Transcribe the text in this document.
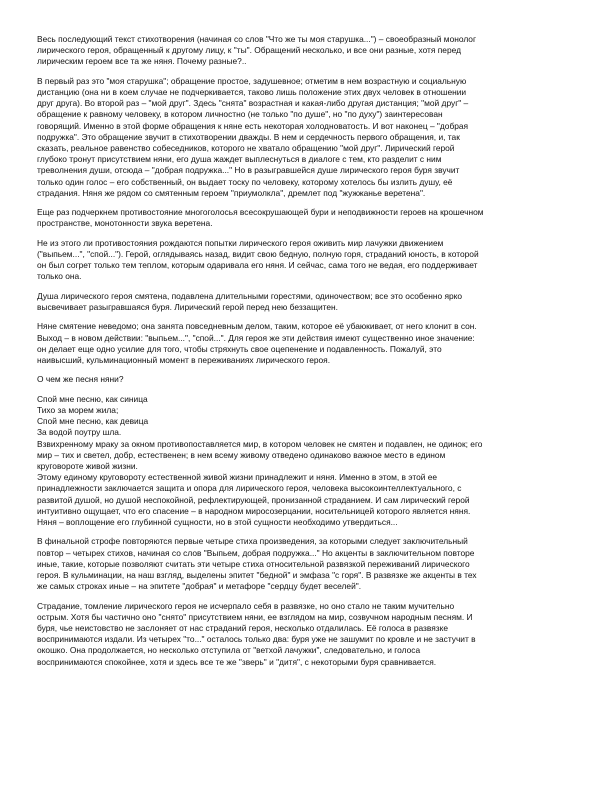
Весь последующий текст стихотворения (начиная со слов "Что же ты моя старушка...") – своеобразный монолог
лирического героя, обращенный к другому лицу, к "ты". Обращений несколько, и все они разные, хотя перед
лирическим героем все та же няня. Почему разные?..
В первый раз это "моя старушка"; обращение простое, задушевное; отметим в нем возрастную и социальную
дистанцию (она ни в коем случае не подчеркивается, таково лишь положение этих двух человек в отношении
друг друга). Во второй раз – "мой друг". Здесь "снята" возрастная и какая-либо другая дистанция; "мой друг" –
обращение к равному человеку, в котором личностно (не только "по душе", но "по духу") заинтересован
говорящий. Именно в этой форме обращения к няне есть некоторая холодноватость. И вот наконец – "добрая
подружка". Это обращение звучит в стихотворении дважды. В нем и сердечность первого обращения, и, так
сказать, реальное равенство собеседников, которого не хватало обращению "мой друг". Лирический герой
глубоко тронут присутствием няни, его душа жаждет выплеснуться в диалоге с тем, кто разделит с ним
треволнения души, отсюда – "добрая подружка..." Но в разыгравшейся душе лирического героя буря звучит
только один голос – его собственный, он выдает тоску по человеку, которому хотелось бы излить душу, её
страдания. Няня же рядом со смятенным героем "приумолкла", дремлет под "жужжанье веретена".
Еще раз подчеркнем противостояние многоголосья всесокрушающей бури и неподвижности героев на крошечном
пространстве, монотонности звука веретена.
Не из этого ли противостояния рождаются попытки лирического героя оживить мир лачужки движением
("выпьем...", "спой..."). Герой, оглядываясь назад, видит свою бедную, полную горя, страданий юность, в которой
он был согрет только тем теплом, которым одаривала его няня. И сейчас, сама того не ведая, его поддерживает
только она.
Душа лирического героя смятена, подавлена длительными горестями, одиночеством; все это особенно ярко
высвечивает разыгравшаяся буря. Лирический герой перед нею беззащитен.
Няне смятение неведомо; она занята повседневным делом, таким, которое её убаюкивает, от него клонит в сон.
Выход – в новом действии: "выпьем...", "спой...". Для героя же эти действия имеют существенно иное значение:
он делает еще одно усилие для того, чтобы стряхнуть свое оцепенение и подавленность. Пожалуй, это
наивысший, кульминационный момент в переживаниях лирического героя.
О чем же песня няни?
Спой мне песню, как синица
Тихо за морем жила;
Спой мне песню, как девица
За водой поутру шла.
Взвихренному мраку за окном противопоставляется мир, в котором человек не смятен и подавлен, не одинок; его
мир – тих и светел, добр, естественен; в нем всему живому отведено одинаково важное место в едином
круговороте живой жизни.
Этому единому круговороту естественной живой жизни принадлежит и няня. Именно в этом, в этой ее
принадлежности заключается защита и опора для лирического героя, человека высокоинтеллектуального, с
развитой душой, но душой неспокойной, рефлектирующей, пронизанной страданием. И сам лирический герой
интуитивно ощущает, что его спасение – в народном миросозерцании, носительницей которого является няня.
Няня – воплощение его глубинной сущности, но в этой сущности необходимо утвердиться...
В финальной строфе повторяются первые четыре стиха произведения, за которыми следует заключительный
повтор – четырех стихов, начиная со слов "Выпьем, добрая подружка..." Но акценты в заключительном повторе
иные, такие, которые позволяют считать эти четыре стиха относительной развязкой переживаний лирического
героя. В кульминации, на наш взгляд, выделены эпитет "бедной" и эмфаза "с горя". В развязке же акценты в тех
же самых строках иные – на эпитете "добрая" и метафоре "сердцу будет веселей".
Страдание, томление лирического героя не исчерпало себя в развязке, но оно стало не таким мучительно
острым. Хотя бы частично оно "снято" присутствием няни, ее взглядом на мир, созвучном народным песням. И
буря, чье неистовство не заслоняет от нас страданий героя, несколько отдалилась. Её голоса в развязке
воспринимаются издали. Из четырех "то..." осталось только два: буря уже не зашумит по кровле и не застучит в
окошко. Она продолжается, но несколько отступила от "ветхой лачужки", следовательно, и голоса
воспринимаются спокойнее, хотя и здесь все те же "зверь" и "дитя", с некоторыми буря сравнивается.
